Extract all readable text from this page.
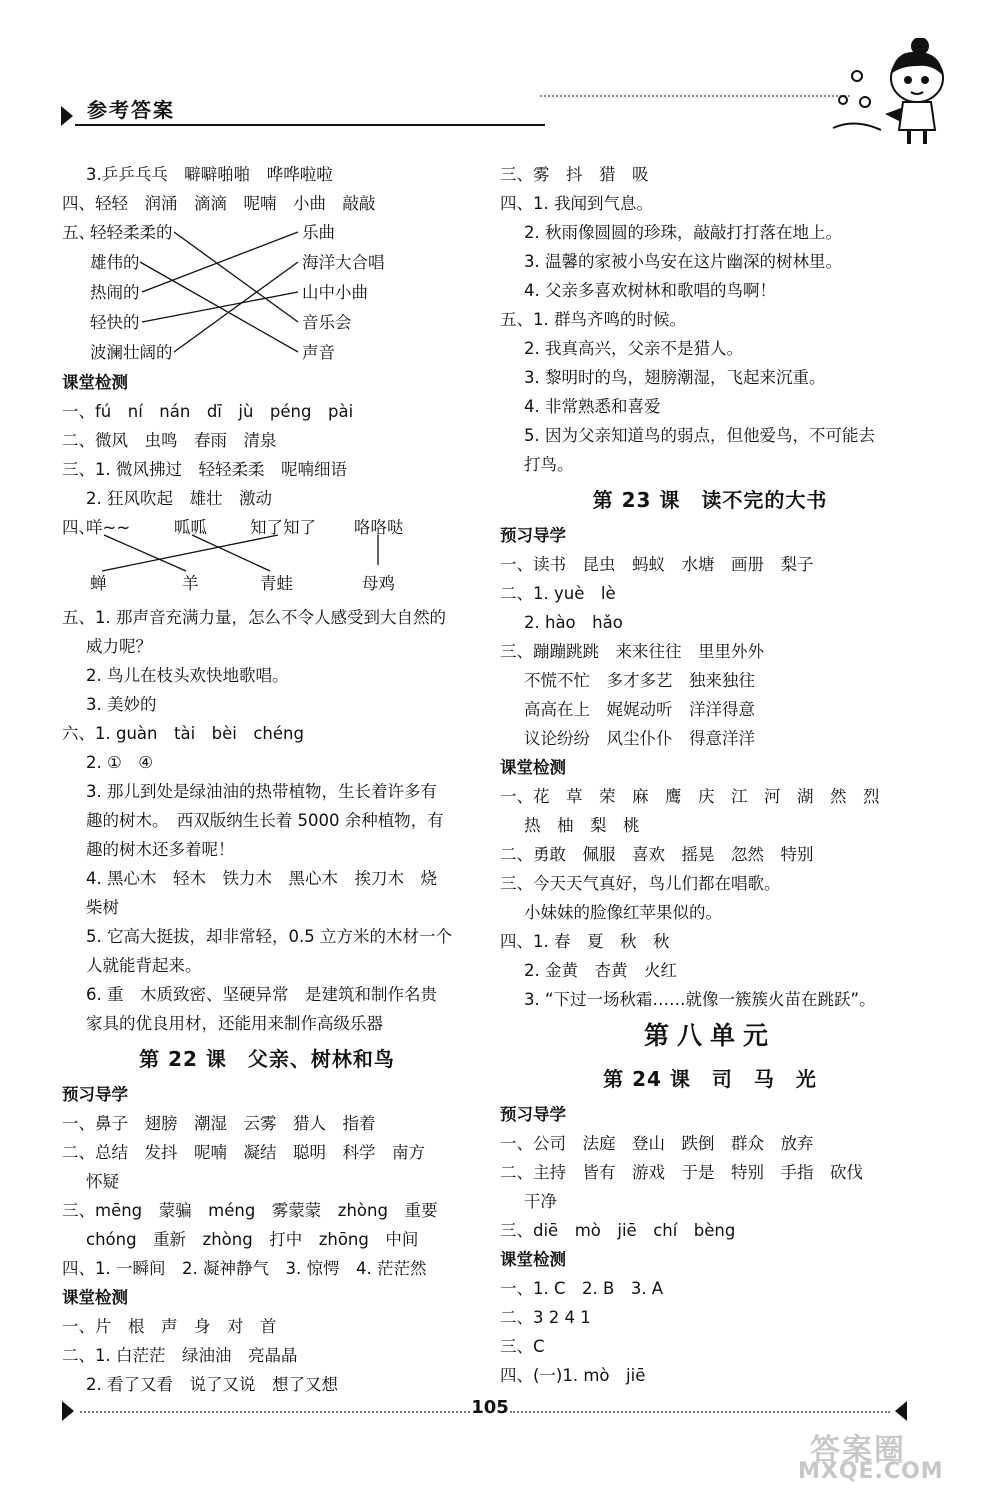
参考答案
3.乒乒乓乓　噼噼啪啪　哗哗啦啦
四、轻轻　润涌　滴滴　呢喃　小曲　敲敲
五、
轻轻柔柔的
雄伟的
热闹的
轻快的
波澜壮阔的
乐曲
海洋大合唱
山中小曲
音乐会
声音
课堂检测
一、fú　ní　nán　dī　jù　péng　pài
二、微风　虫鸣　春雨　清泉
三、1. 微风拂过　轻轻柔柔　呢喃细语
2. 狂风吹起　雄壮　激动
四、
咩~~	呱呱	知了知了 咯咯哒
蝉	羊	青蛙	母鸡
五、1. 那声音充满力量，怎么不令人感受到大自然的
威力呢？
2. 鸟儿在枝头欢快地歌唱。
3. 美妙的
六、1. guàn　tài　bèi　chéng
2. ①　④
3. 那儿到处是绿油油的热带植物，生长着许多有
趣的树木。　西双版纳生长着 5000 余种植物，有
趣的树木还多着呢！
4. 黑心木　轻木　铁力木　黑心木　挨刀木　烧
柴树
5. 它高大挺拔，却非常轻，0.5 立方米的木材一个
人就能背起来。
6. 重　木质致密、坚硬异常　是建筑和制作名贵
家具的优良用材，还能用来制作高级乐器
第 22 课　父亲、树林和鸟
预习导学
一、鼻子　翅膀　潮湿　云雾　猎人　指着
二、总结　发抖　呢喃　凝结　聪明　科学　南方
怀疑
三、mēng　蒙骗　méng　雾蒙蒙　zhòng　重要
chóng　重新　zhòng　打中　zhōng　中间
四、1. 一瞬间　2. 凝神静气　3. 惊愕　4. 茫茫然
课堂检测
一、片　根　声　身　对　首
二、1. 白茫茫　绿油油　亮晶晶
2. 看了又看　说了又说　想了又想
三、雾　抖　猎　吸
四、1. 我闻到气息。
2. 秋雨像圆圆的珍珠，敲敲打打落在地上。
3. 温馨的家被小鸟安在这片幽深的树林里。
4. 父亲多喜欢树林和歌唱的鸟啊！
五、1. 群鸟齐鸣的时候。
2. 我真高兴，父亲不是猎人。
3. 黎明时的鸟，翅膀潮湿，飞起来沉重。
4. 非常熟悉和喜爱
5. 因为父亲知道鸟的弱点，但他爱鸟，不可能去
打鸟。
第 23 课　读不完的大书
预习导学
一、读书　昆虫　蚂蚁　水塘　画册　梨子
二、1. yuè　lè
2. hào　hǎo
三、蹦蹦跳跳　来来往往　里里外外
不慌不忙　多才多艺　独来独往
高高在上　娓娓动听　洋洋得意
议论纷纷　风尘仆仆　得意洋洋
课堂检测
一、花　草　荣　麻　鹰　庆　江　河　湖　然　烈
热　柚　梨　桃
二、勇敢　佩服　喜欢　摇晃　忽然　特别
三、今天天气真好，鸟儿们都在唱歌。
小妹妹的脸像红苹果似的。
四、1. 春　夏　秋　秋
2. 金黄　杏黄　火红
3. “下过一场秋霜……就像一簇簇火苗在跳跃”。
第八单元
第 24 课　司　马　光
预习导学
一、公司　法庭　登山　跌倒　群众　放弃
二、主持　皆有　游戏　于是　特别　手指　砍伐
干净
三、diē　mò　jiē　chí　bèng
课堂检测
一、1. C　2. B　3. A
二、3 2 4 1
三、C
四、(一)1. mò　jiē
105
答案圈
MXQE.COM
